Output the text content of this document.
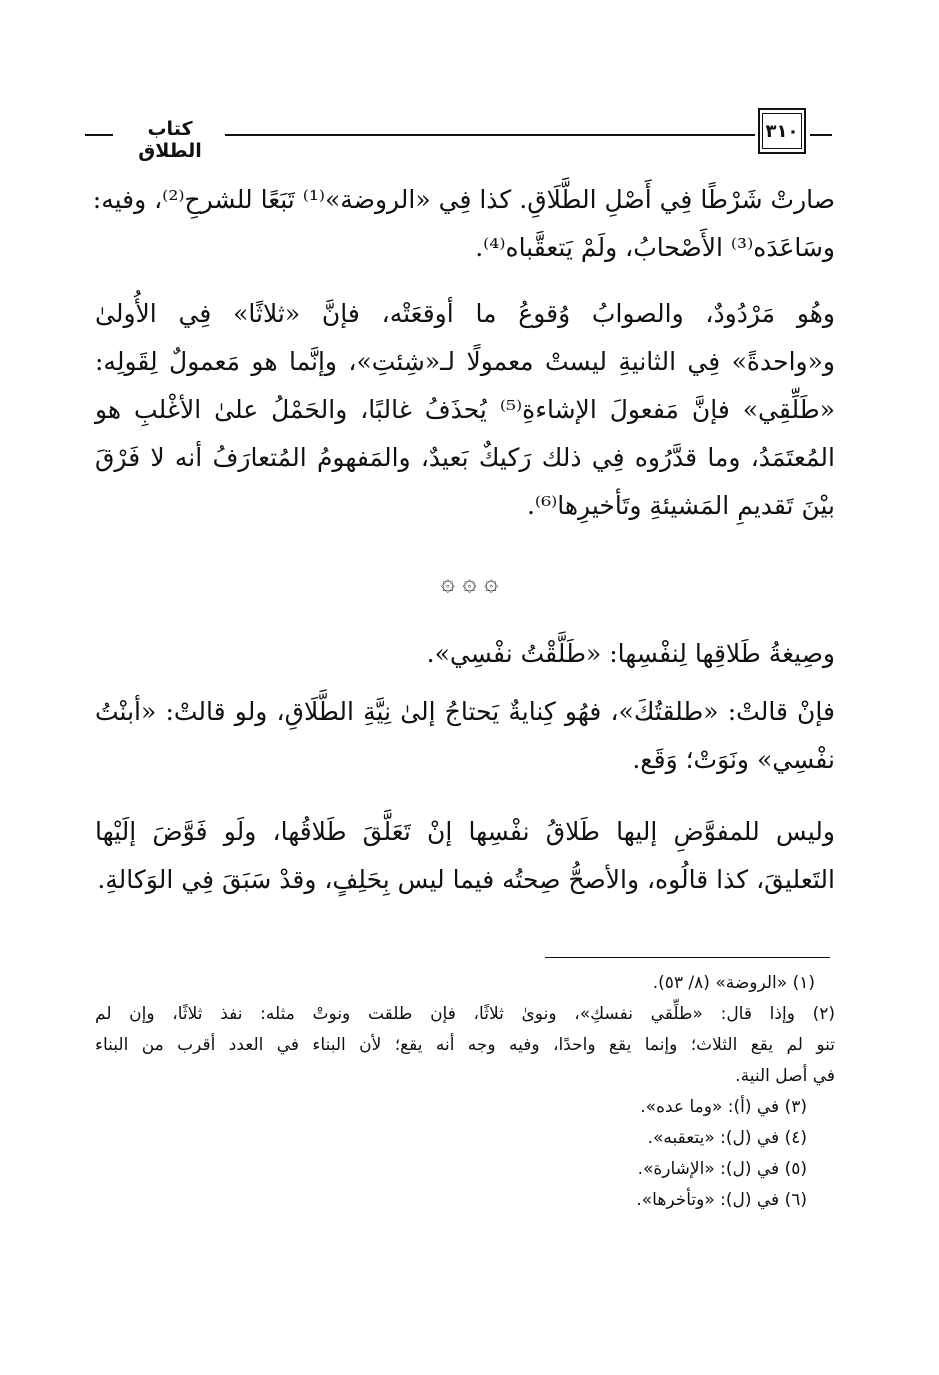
٣١٠
كتاب الطلاق

صارتْ شَرْطًا فِي أَصْلِ الطَّلَاقِ. كذا فِي «الروضة»⁽¹⁾ تَبَعًا للشرحِ⁽²⁾، وفيه:

وسَاعَدَه⁽³⁾ الأَصْحابُ، ولَمْ يَتعقَّباه⁽⁴⁾.

وهُو مَرْدُودٌ، والصوابُ وُقوعُ ما أوقعَتْه، فإنَّ «ثلاثًا» فِي الأُولىٰ

و«واحدةً» فِي الثانيةِ ليستْ معمولًا لـ«شِئتِ»، وإنَّما هو مَعمولٌ لِقَولِه:

«طَلِّقِي» فإنَّ مَفعولَ الإشاءةِ⁽⁵⁾ يُحذَفُ غالبًا، والحَمْلُ علىٰ الأغْلبِ هو

المُعتَمَدُ، وما قدَّرُوه فِي ذلك رَكيكٌ بَعيدٌ، والمَفهومُ المُتعارَفُ أنه لا فَرْقَ

بيْنَ تَقديمِ المَشيئةِ وتَأخيرِها⁽⁶⁾.

۞ ۞ ۞

وصِيغةُ طَلاقِها لِنفْسِها: «طَلَّقْتُ نفْسِي».

فإنْ قالتْ: «طلقتُكَ»، فهُو كِنايةٌ يَحتاجُ إلىٰ نِيَّةِ الطَّلَاقِ، ولو قالتْ: «أبنْتُ

نفْسِي» ونَوَتْ؛ وَقَع.

وليس للمفوَّضِ إليها طَلاقُ نفْسِها إنْ تَعَلَّقَ طَلاقُها، ولَو فَوَّضَ إلَيْها

التَعليقَ، كذا قالُوه، والأصحُّ صِحتُه فيما ليس بِحَلِفٍ، وقدْ سَبَقَ فِي الوَكالةِ.

(١) «الروضة» (٨/ ٥٣).

(٢) وإذا قال: «طلِّقي نفسكِ»، ونوىٰ ثلاثًا، فإن طلقت ونوتْ مثله: نفذ ثلاثًا، وإن لم

تنو لم يقع الثلاث؛ وإنما يقع واحدًا، وفيه وجه أنه يقع؛ لأن البناء في العدد أقرب من البناء

في أصل النية.

(٣) في (أ): «وما عده».

(٤) في (ل): «يتعقبه».

(٥) في (ل): «الإشارة».

(٦) في (ل): «وتأخرها».
